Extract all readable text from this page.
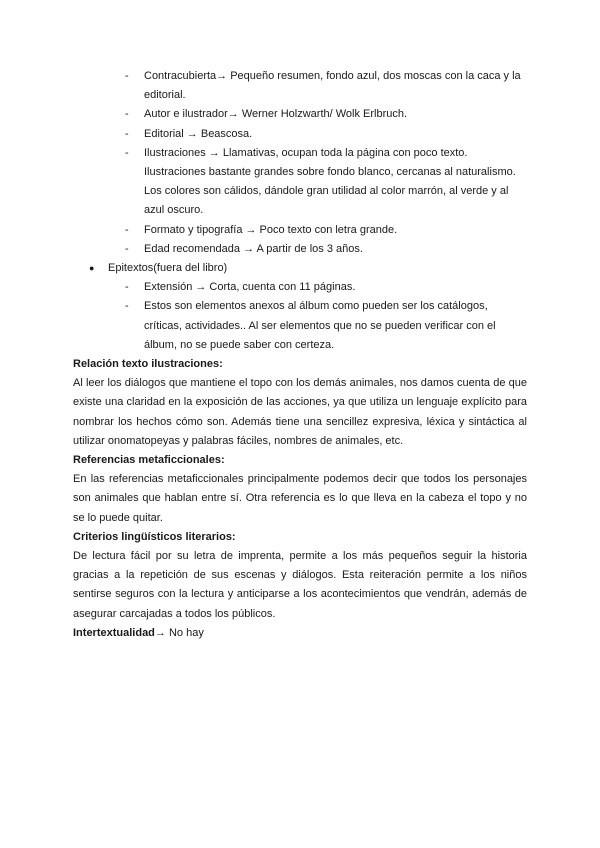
- Contracubierta→ Pequeño resumen, fondo azul, dos moscas con la caca y la editorial.
- Autor e ilustrador→ Werner Holzwarth/ Wolk Erlbruch.
- Editorial → Beascosa.
- Ilustraciones → Llamativas, ocupan toda la página con poco texto. Ilustraciones bastante grandes sobre fondo blanco, cercanas al naturalismo. Los colores son cálidos, dándole gran utilidad al color marrón, al verde y al azul oscuro.
- Formato y tipografía → Poco texto con letra grande.
- Edad recomendada → A partir de los 3 años.
● Epitextos(fuera del libro)
- Extensión → Corta, cuenta con 11 páginas.
- Estos son elementos anexos al álbum como pueden ser los catálogos, críticas, actividades.. Al ser elementos que no se pueden verificar con el álbum, no se puede saber con certeza.

Relación texto ilustraciones:

Al leer los diálogos que mantiene el topo con los demás animales, nos damos cuenta de que existe una claridad en la exposición de las acciones, ya que utiliza un lenguaje explícito para nombrar los hechos cómo son. Además tiene una sencillez expresiva, léxica y sintáctica al utilizar onomatopeyas y palabras fáciles, nombres de animales, etc.

Referencias metaficcionales:

En las referencias metaficcionales principalmente podemos decir que todos los personajes son animales que hablan entre sí. Otra referencia es lo que lleva en la cabeza el topo y no se lo puede quitar.

Criterios lingüísticos literarios:

De lectura fácil por su letra de imprenta, permite a los más pequeños seguir la historia gracias a la repetición de sus escenas y diálogos. Esta reiteración permite a los niños sentirse seguros con la lectura y anticiparse a los acontecimientos que vendrán, además de asegurar carcajadas a todos los públicos.

Intertextualidad→ No hay
